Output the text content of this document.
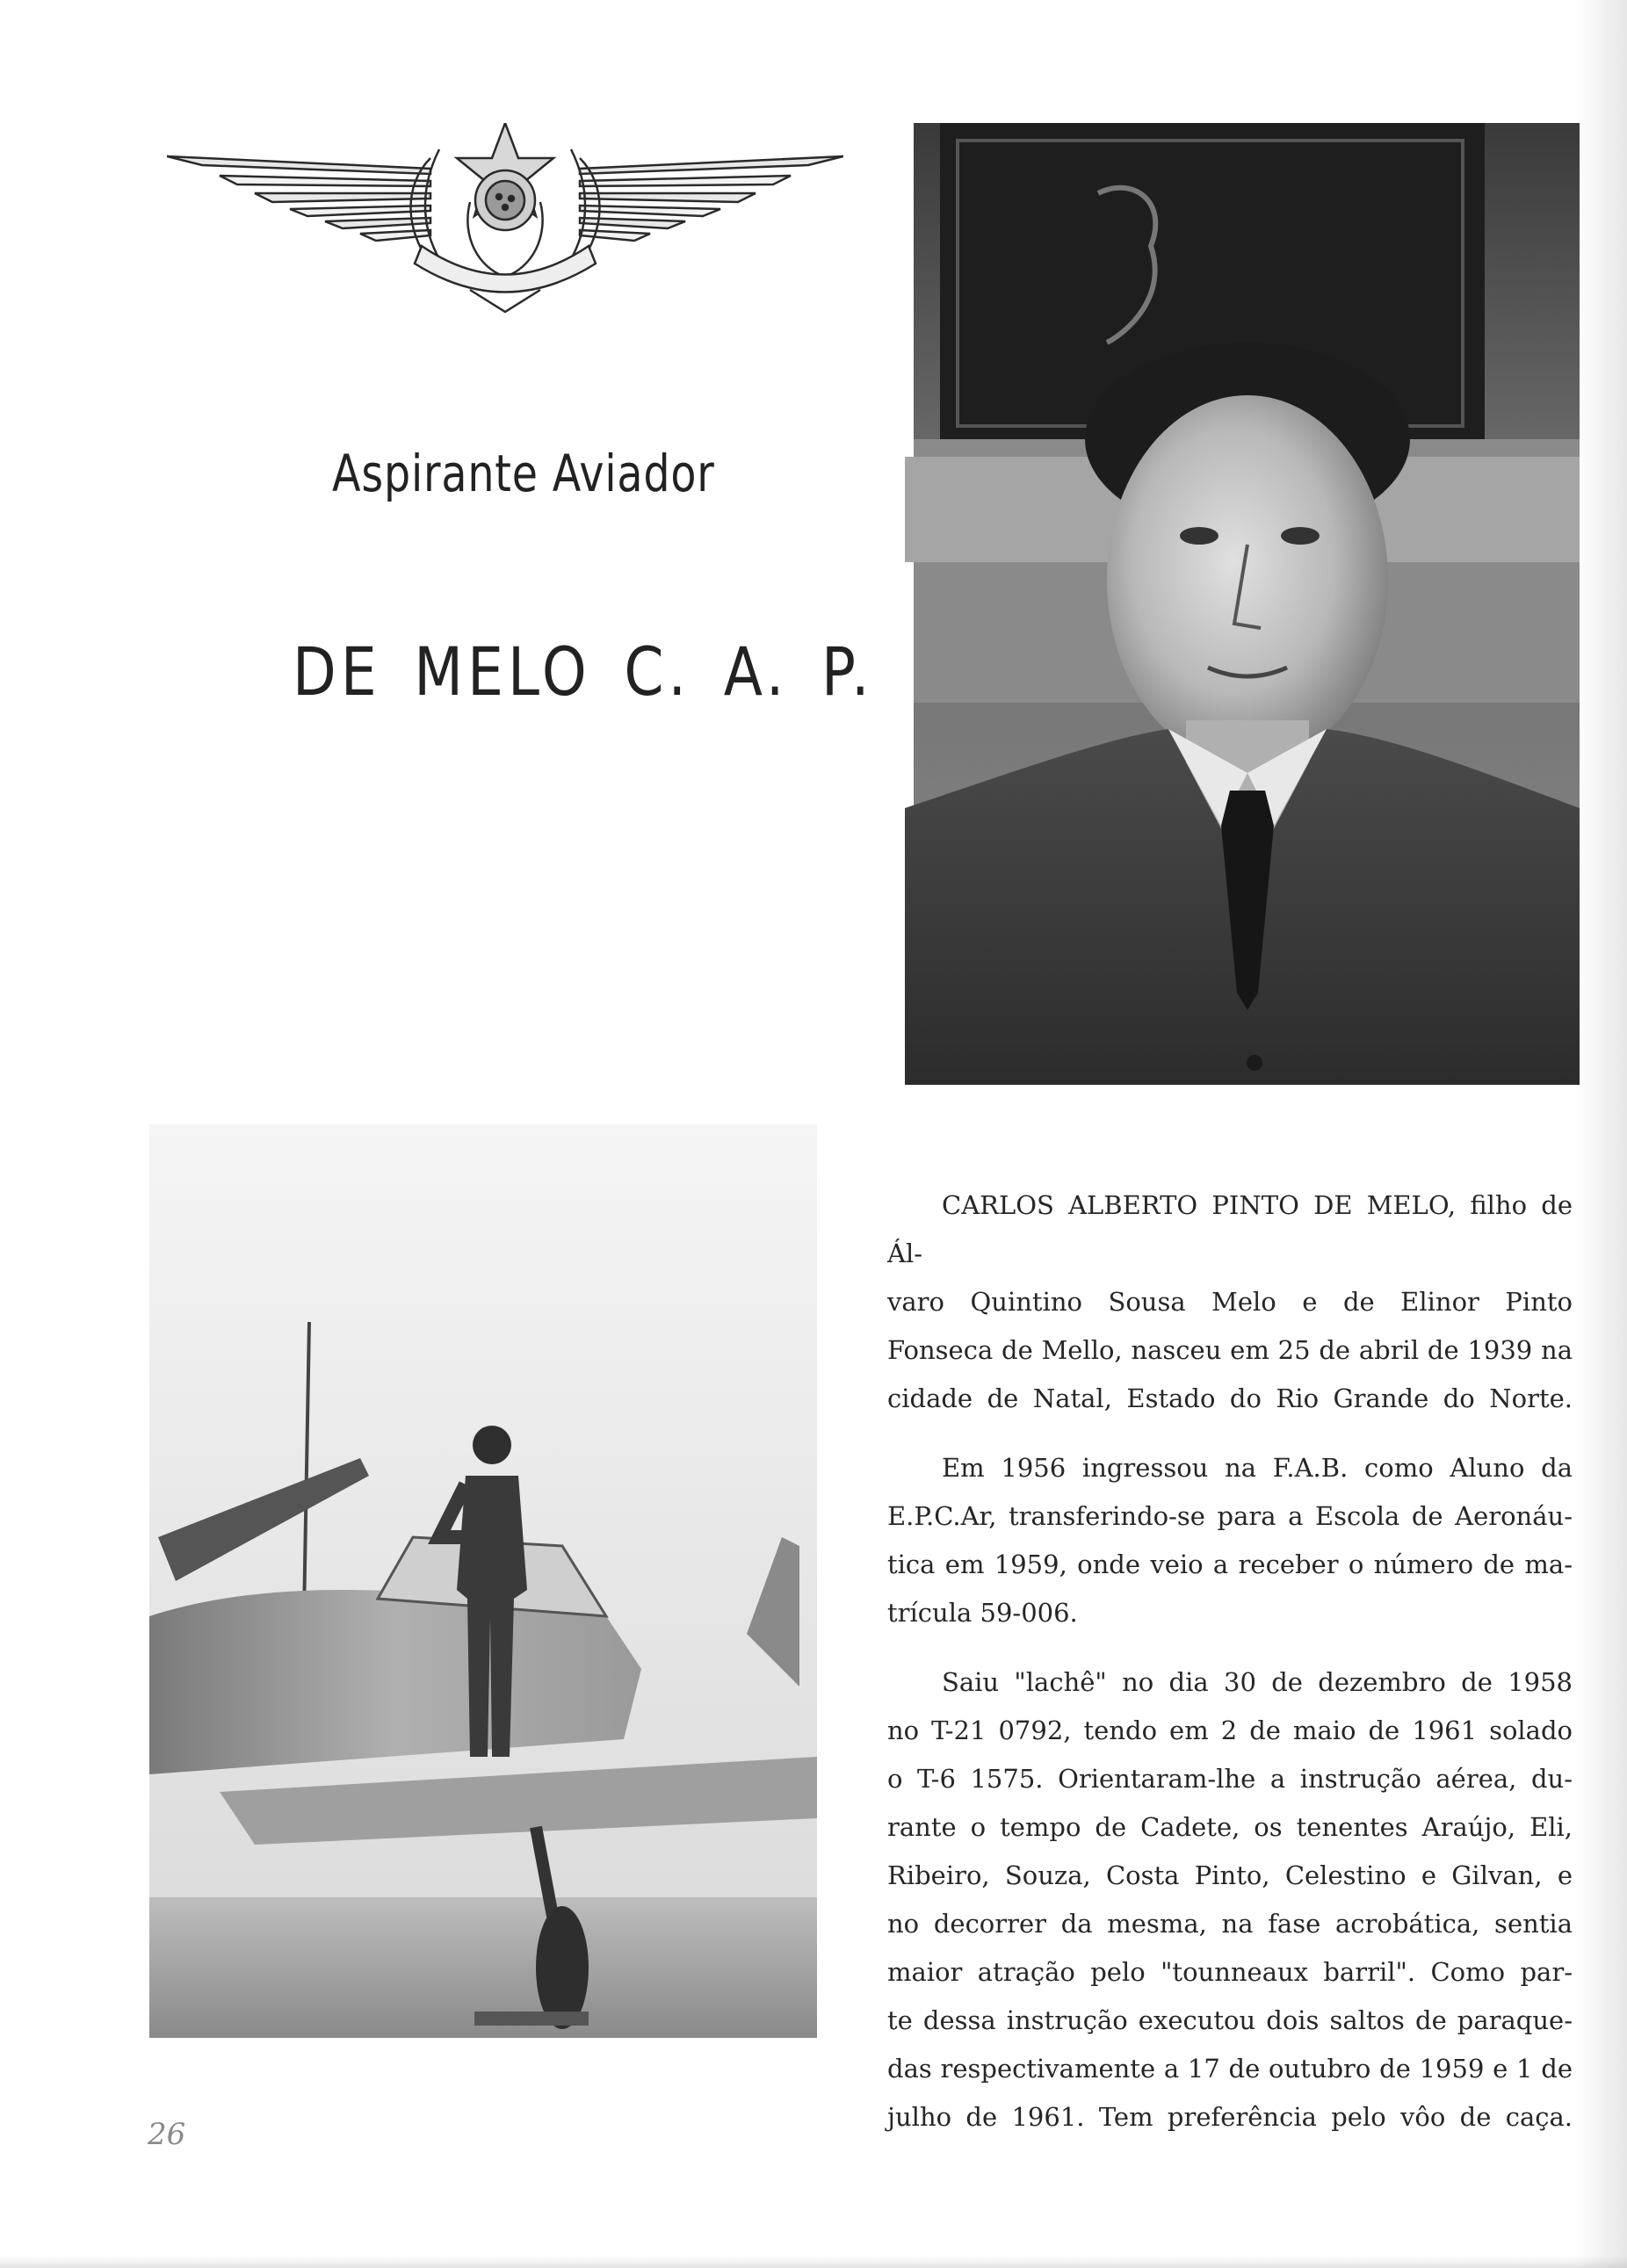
Aspirante Aviador
DE MELO C. A. P.

CARLOS ALBERTO PINTO DE MELO, filho de Ál-
varo Quintino Sousa Melo e de Elinor Pinto
Fonseca de Mello, nasceu em 25 de abril de 1939 na
cidade de Natal, Estado do Rio Grande do Norte.

Em 1956 ingressou na F.A.B. como Aluno da
E.P.C.Ar, transferindo-se para a Escola de Aeronáu-
tica em 1959, onde veio a receber o número de ma-
trícula 59-006.

Saiu "lachê" no dia 30 de dezembro de 1958
no T-21 0792, tendo em 2 de maio de 1961 solado
o T-6 1575. Orientaram-lhe a instrução aérea, du-
rante o tempo de Cadete, os tenentes Araújo, Eli,
Ribeiro, Souza, Costa Pinto, Celestino e Gilvan, e
no decorrer da mesma, na fase acrobática, sentia
maior atração pelo "tounneaux barril". Como par-
te dessa instrução executou dois saltos de paraque-
das respectivamente a 17 de outubro de 1959 e 1 de
julho de 1961. Tem preferência pelo vôo de caça.

26
